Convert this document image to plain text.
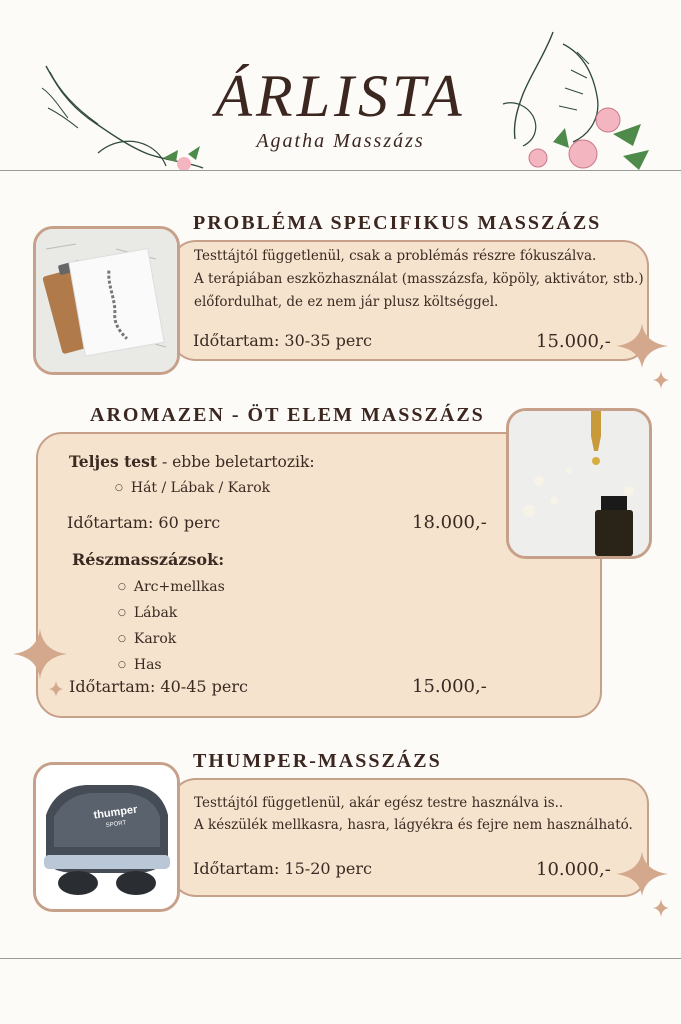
ÁRLISTA
Agatha Masszázs
PROBLÉMA SPECIFIKUS MASSZÁZS
Testtájtól függetlenül, csak a problémás részre fókuszálva.
A terápiában eszközhasználat (masszázsfa, köpöly, aktivátor, stb.)
előfordulhat, de ez nem jár plusz költséggel.
Időtartam: 30-35 perc	15.000,-
AROMAZEN - ÖT ELEM MASSZÁZS
Teljes test - ebbe beletartozik:
○ Hát / Lábak / Karok
Időtartam: 60 perc	18.000,-
Részmasszázsok:
○ Arc+mellkas
○ Lábak
○ Karok
○ Has
Időtartam: 40-45 perc	15.000,-
THUMPER-MASSZÁZS
thumper
SPORT
Testtájtól függetlenül, akár egész testre használva is..
A készülék mellkasra, hasra, lágyékra és fejre nem használható.
Időtartam: 15-20 perc	10.000,-
